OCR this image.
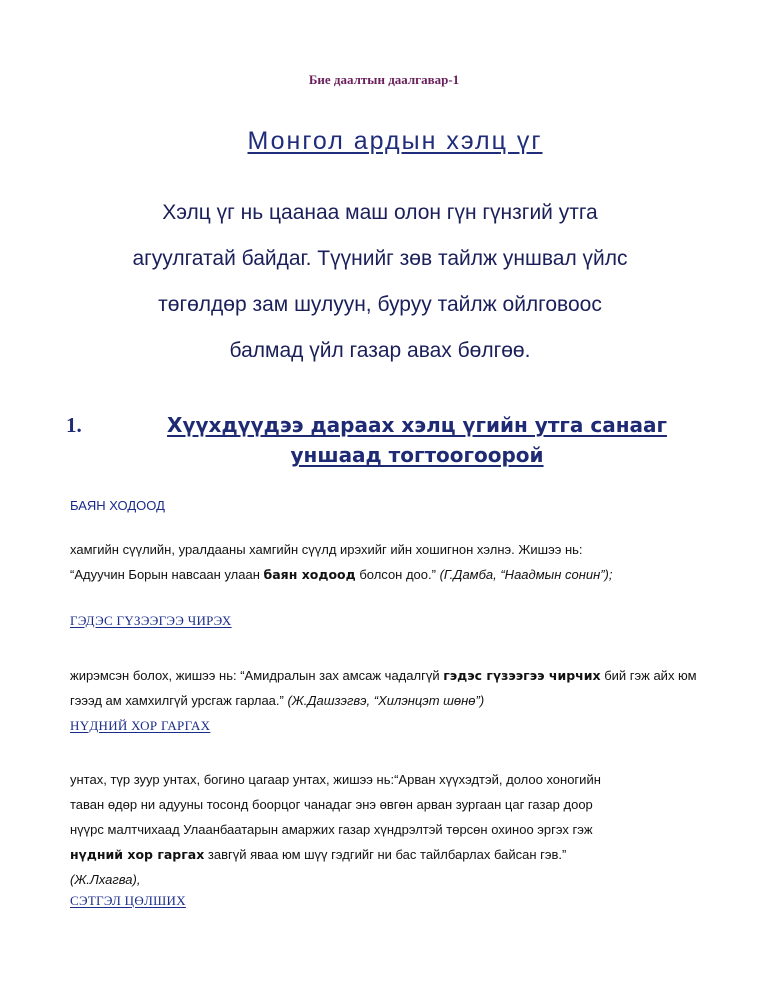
Бие даалтын даалгавар-1
Монгол ардын хэлц үг
Хэлц үг нь цаанаа маш олон гүн гүнзгий утга
агуулгатай байдаг. Түүнийг зөв тайлж уншвал үйлс
төгөлдөр зам шулуун, буруу тайлж ойлговоос
балмад үйл газар авах бөлгөө.
1.	Хүүхдүүдээ дараах хэлц үгийн утга санааг
уншаад тогтоогоорой
БАЯН ХОДООД
хамгийн сүүлийн, уралдааны хамгийн сүүлд ирэхийг ийн хошигнон хэлнэ. Жишээ нь:
“Адуучин Борын навсаан улаан баян ходоод болсон доо.” (Г.Дамба, “Наадмын сонин”);
ГЭДЭС ГҮЗЭЭГЭЭ ЧИРЭХ
жирэмсэн болох, жишээ нь: “Амидралын зах амсаж чадалгүй гэдэс гүзээгээ чирчих бий гэж айх юм гэээд ам хамхилгүй урсгаж гарлаа.” (Ж.Дашзэгвэ, “Хилэнцэт шөнө”)
НҮДНИЙ ХОР ГАРГАХ
унтах, түр зуур унтах, богино цагаар унтах, жишээ нь:“Арван хүүхэдтэй, долоо хоногийн
таван өдөр ни адууны тосонд боорцог чанадаг энэ өвгөн арван зургаан цаг газар доор
нүүрс малтчихаад Улаанбаатарын амаржих газар хүндрэлтэй төрсөн охиноо эргэх гэж
нүдний хор гаргах завгүй яваа юм шүү гэдгийг ни бас тайлбарлах байсан гэв.”
(Ж.Лхагва),
СЭТГЭЛ ЦӨЛШИХ
